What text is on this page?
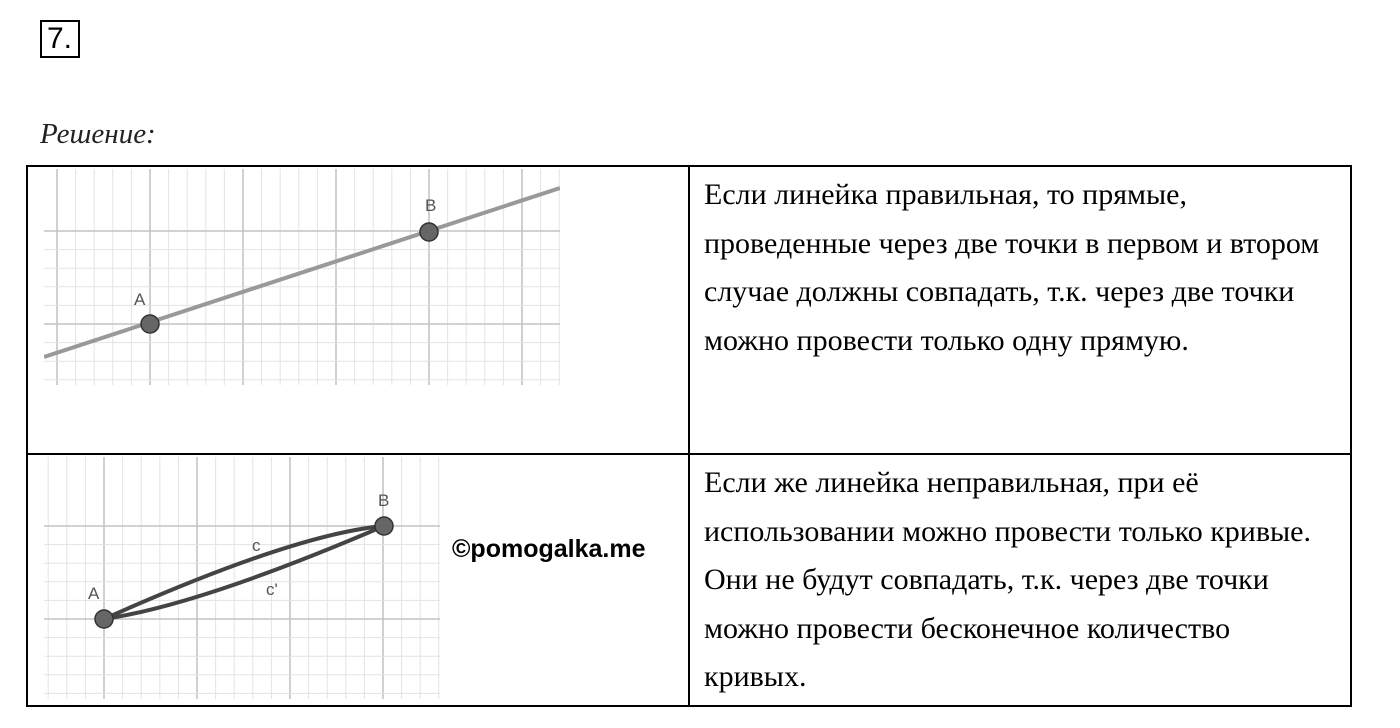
7.
Решение:
A
B	Если линейка правильная, то прямые, проведенные через две точки в первом и втором случае должны совпадать, т.к. через две точки можно провести только одну прямую.

A
B
c
c'
©pomogalka.me	Если же линейка неправильная, при её использовании можно провести только кривые. Они не будут совпадать, т.к. через две точки можно провести бесконечное количество кривых.
